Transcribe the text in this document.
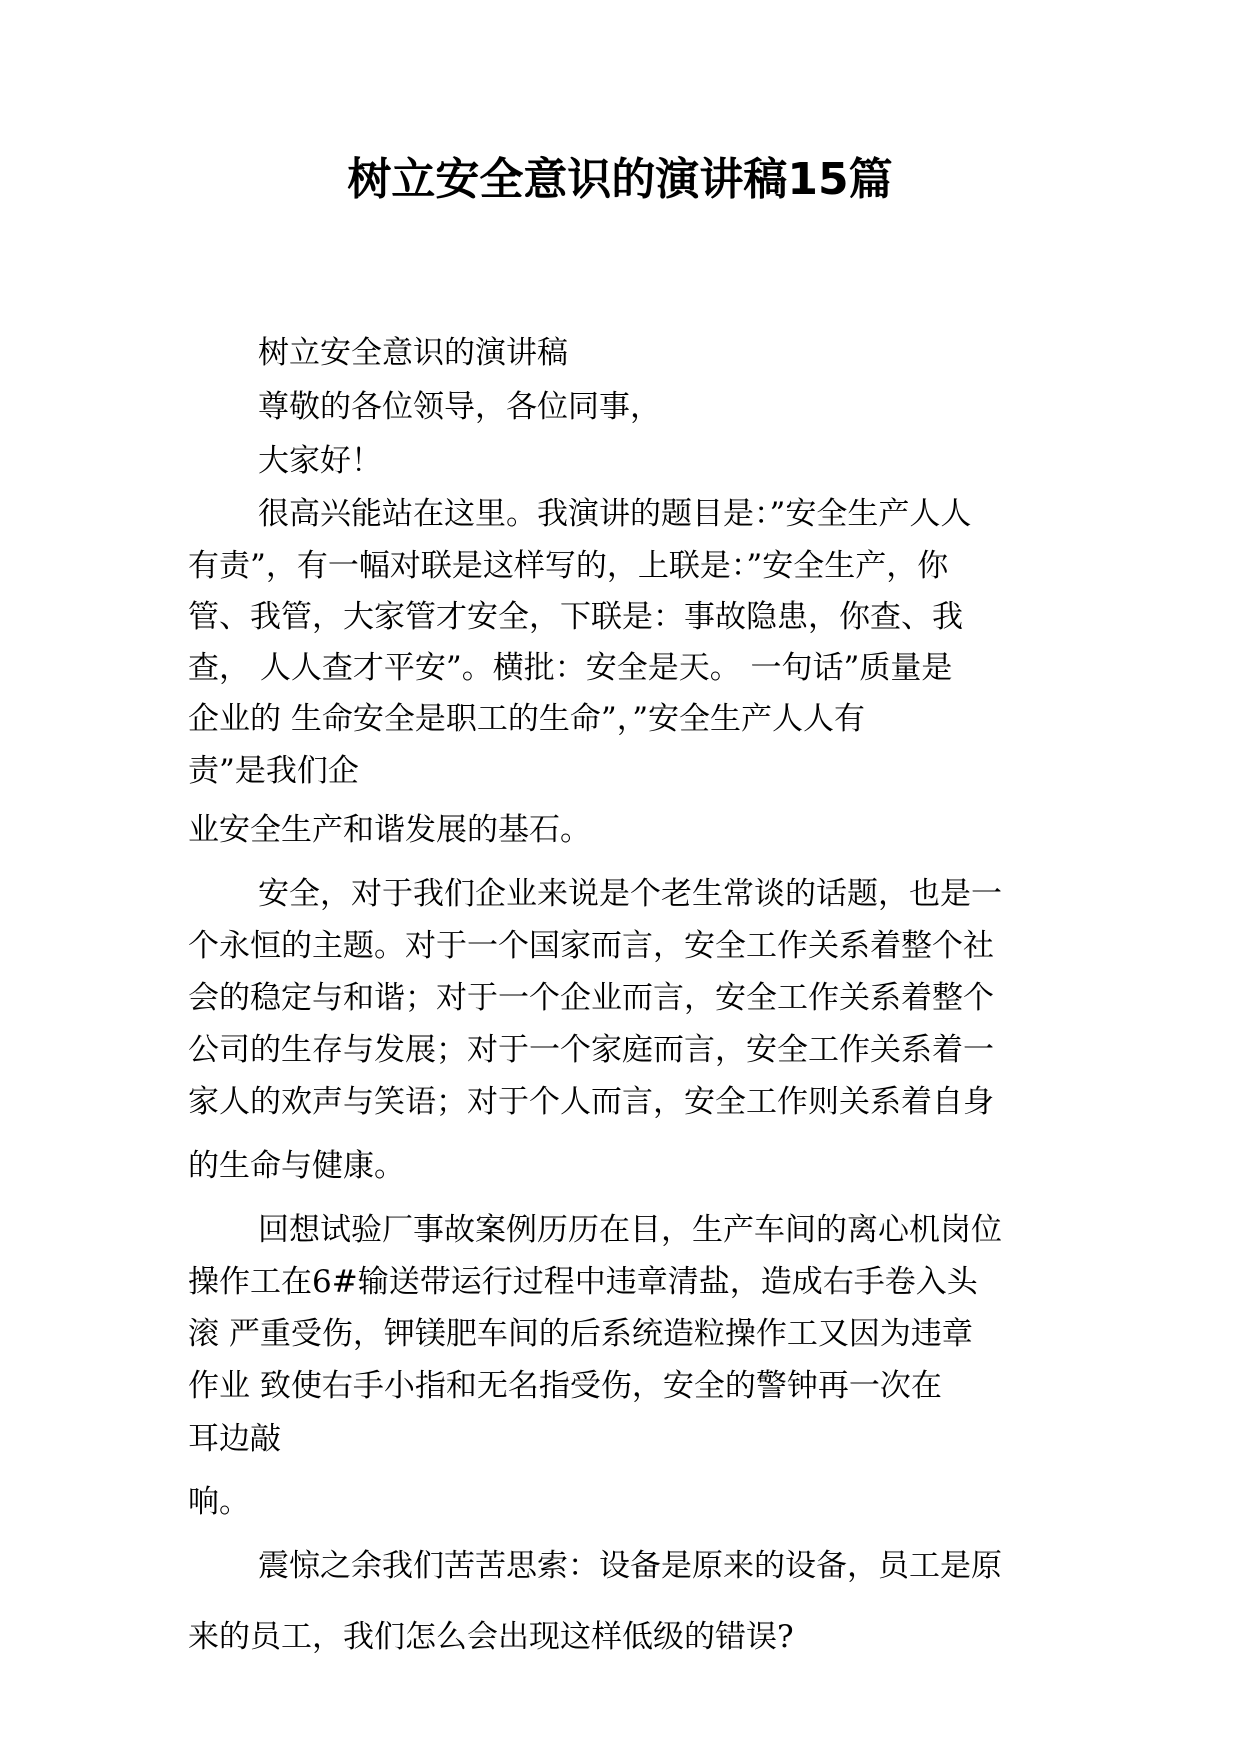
树立安全意识的演讲稿15篇
树立安全意识的演讲稿
尊敬的各位领导，各位同事，
大家好！
很高兴能站在这里。我演讲的题目是：”安全生产人人
有责”，有一幅对联是这样写的，上联是：”安全生产，你
管、我管，大家管才安全，下联是：事故隐患，你查、我
查， 人人查才平安”。横批：安全是天。 一句话”质量是
企业的 生命安全是职工的生命”，”安全生产人人有
责”是我们企
业安全生产和谐发展的基石。
安全，对于我们企业来说是个老生常谈的话题，也是一
个永恒的主题。对于一个国家而言，安全工作关系着整个社
会的稳定与和谐；对于一个企业而言，安全工作关系着整个
公司的生存与发展；对于一个家庭而言，安全工作关系着一
家人的欢声与笑语；对于个人而言，安全工作则关系着自身
的生命与健康。
回想试验厂事故案例历历在目，生产车间的离心机岗位
操作工在6#输送带运行过程中违章清盐，造成右手卷入头
滚 严重受伤，钾镁肥车间的后系统造粒操作工又因为违章
作业 致使右手小指和无名指受伤，安全的警钟再一次在
耳边敲
响。
震惊之余我们苦苦思索：设备是原来的设备，员工是原
来的员工，我们怎么会出现这样低级的错误?
